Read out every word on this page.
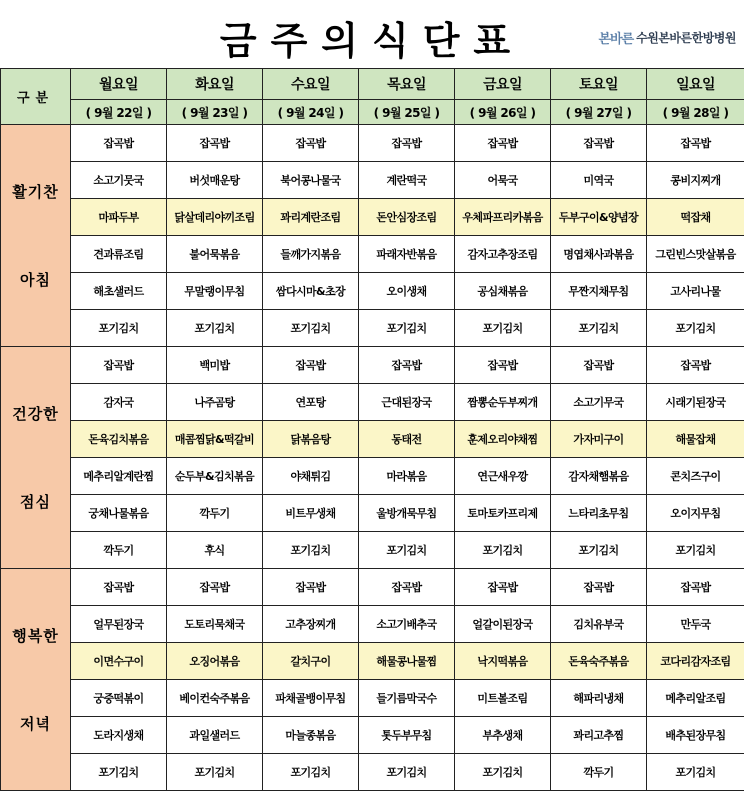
금주의식단표	본바른 수원본바른한방병원
구분	월요일	화요일	수요일	목요일	금요일	토요일	일요일
	( 9월 22일 )	( 9월 23일 )	( 9월 24일 )	( 9월 25일 )	( 9월 26일 )	( 9월 27일 )	( 9월 28일 )

활기찬
아침	잡곡밥	잡곡밥	잡곡밥	잡곡밥	잡곡밥	잡곡밥	잡곡밥
	소고기뭇국	버섯매운탕	북어콩나물국	계란떡국	어묵국	미역국	콩비지찌개
	마파두부	닭살데리야끼조림	꽈리계란조림	돈안심장조림	우체파프리카볶음	두부구이&양념장	떡잡채
	견과류조림	불어묵볶음	들깨가지볶음	파래자반볶음	감자고추장조림	명엽채사과볶음	그린빈스맛살볶음
	해초샐러드	무말랭이무침	쌈다시마&초장	오이생채	공심채볶음	무짠지채무침	고사리나물
	포기김치	포기김치	포기김치	포기김치	포기김치	포기김치	포기김치

건강한
점심	잡곡밥	백미밥	잡곡밥	잡곡밥	잡곡밥	잡곡밥	잡곡밥
	감자국	나주곰탕	연포탕	근대된장국	짬뽕순두부찌개	소고기무국	시래기된장국
	돈육김치볶음	매콤찜닭&떡갈비	닭볶음탕	동태전	훈제오리야채찜	가자미구이	해물잡채
	메추리알계란찜	순두부&김치볶음	야채튀김	마라볶음	연근새우깡	감자채햄볶음	콘치즈구이
	궁채나물볶음	깍두기	비트무생채	울방개묵무침	토마토카프리제	느타리초무침	오이지무침
	깍두기	후식	포기김치	포기김치	포기김치	포기김치	포기김치

행복한
저녁	잡곡밥	잡곡밥	잡곡밥	잡곡밥	잡곡밥	잡곡밥	잡곡밥
	얼무된장국	도토리묵채국	고추장찌개	소고기배추국	얼갈이된장국	김치유부국	만두국
	이면수구이	오징어볶음	갈치구이	해물콩나물찜	낙지떡볶음	돈육숙주볶음	코다리감자조림
	궁중떡볶이	베이컨숙주볶음	파채골뱅이무침	들기름막국수	미트볼조림	해파리냉채	메추리알조림
	도라지생채	과일샐러드	마늘종볶음	톳두부무침	부추생채	꽈리고추찜	배추된장무침
	포기김치	포기김치	포기김치	포기김치	포기김치	깍두기	포기김치
